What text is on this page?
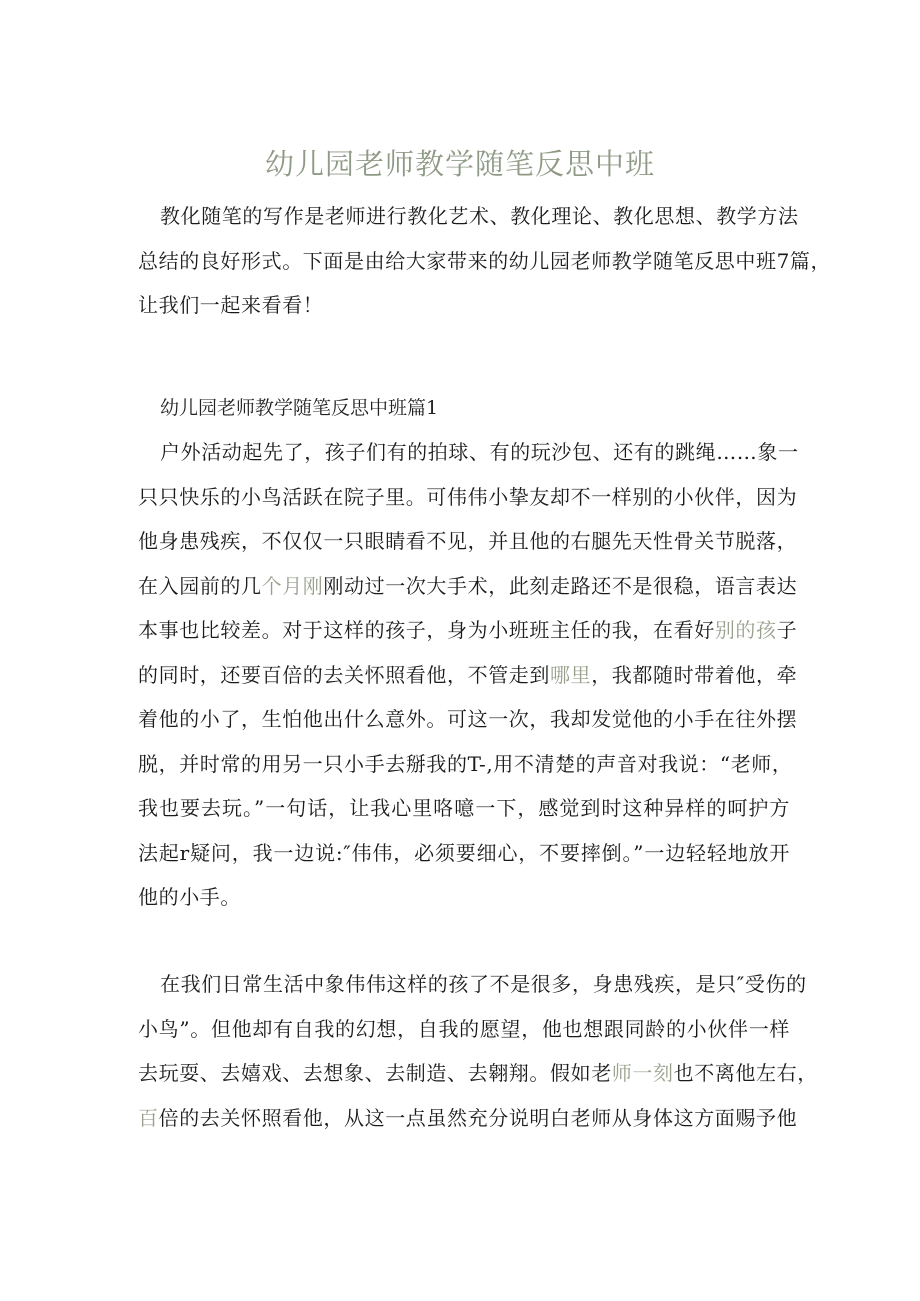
幼儿园老师教学随笔反思中班
教化随笔的写作是老师进行教化艺术、教化理论、教化思想、教学方法
总结的良好形式。下面是由给大家带来的幼儿园老师教学随笔反思中班7篇，
让我们一起来看看！
幼儿园老师教学随笔反思中班篇1
户外活动起先了，孩子们有的拍球、有的玩沙包、还有的跳绳……象一
只只快乐的小鸟活跃在院子里。可伟伟小挚友却不一样别的小伙伴，因为
他身患残疾，不仅仅一只眼睛看不见，并且他的右腿先天性骨关节脱落，
在入园前的几个月刚刚动过一次大手术，此刻走路还不是很稳，语言表达
本事也比较差。对于这样的孩子，身为小班班主任的我，在看好别的孩子
的同时，还要百倍的去关怀照看他，不管走到哪里，我都随时带着他，牵
着他的小了，生怕他出什么意外。可这一次，我却发觉他的小手在往外摆
脱，并时常的用另一只小手去掰我的T-,用不清楚的声音对我说：“老师，
我也要去玩。”一句话，让我心里咯噫一下，感觉到时这种异样的呵护方
法起r疑问，我一边说:″伟伟，必须要细心，不要摔倒。”一边轻轻地放开
他的小手。
在我们日常生活中象伟伟这样的孩了不是很多，身患残疾，是只″受伤的
小鸟”。但他却有自我的幻想，自我的愿望，他也想跟同龄的小伙伴一样
去玩耍、去嬉戏、去想象、去制造、去翱翔。假如老师一刻也不离他左右，
百倍的去关怀照看他，从这一点虽然充分说明白老师从身体这方面赐予他
